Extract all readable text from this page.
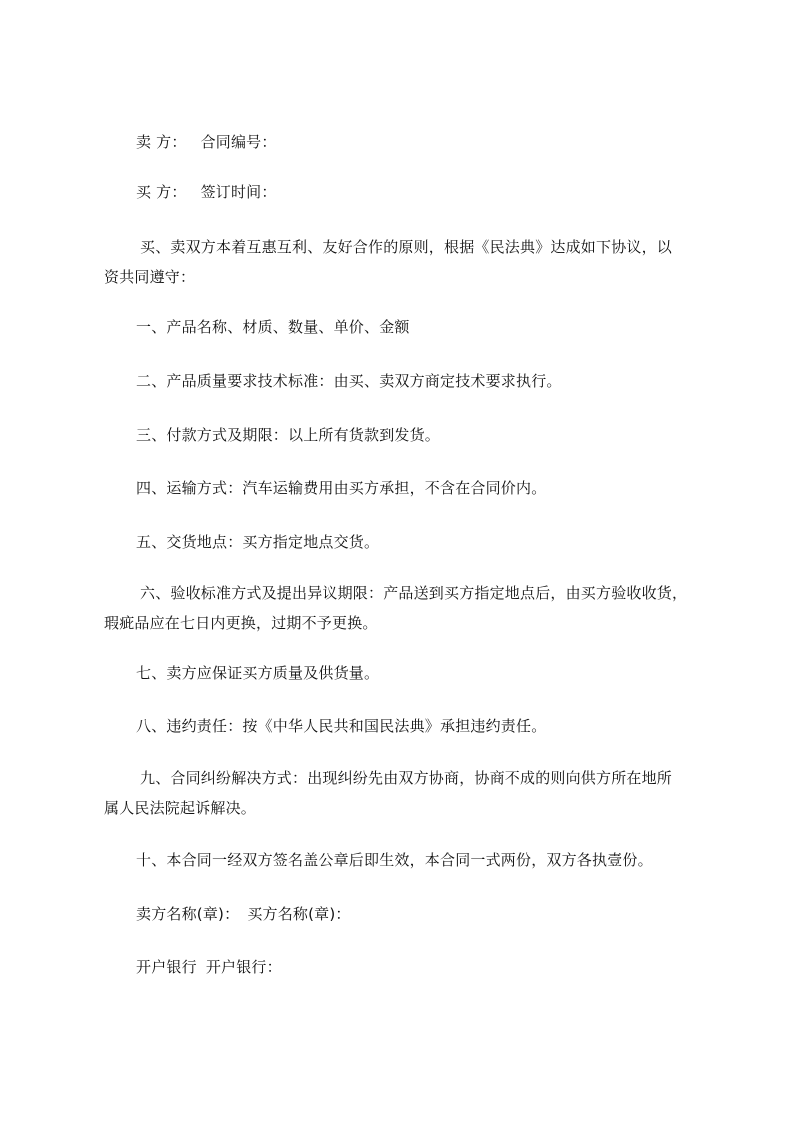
卖 方： 合同编号：
买 方： 签订时间：
买、卖双方本着互惠互利、友好合作的原则，根据《民法典》达成如下协议，以
资共同遵守：
一、产品名称、材质、数量、单价、金额
二、产品质量要求技术标准：由买、卖双方商定技术要求执行。
三、付款方式及期限：以上所有货款到发货。
四、运输方式：汽车运输费用由买方承担，不含在合同价内。
五、交货地点：买方指定地点交货。
六、验收标准方式及提出异议期限：产品送到买方指定地点后，由买方验收收货，
瑕疵品应在七日内更换，过期不予更换。
七、卖方应保证买方质量及供货量。
八、违约责任：按《中华人民共和国民法典》承担违约责任。
九、合同纠纷解决方式：出现纠纷先由双方协商，协商不成的则向供方所在地所
属人民法院起诉解决。
十、本合同一经双方签名盖公章后即生效，本合同一式两份，双方各执壹份。
卖方名称(章)： 买方名称(章)：
开户银行 开户银行：
